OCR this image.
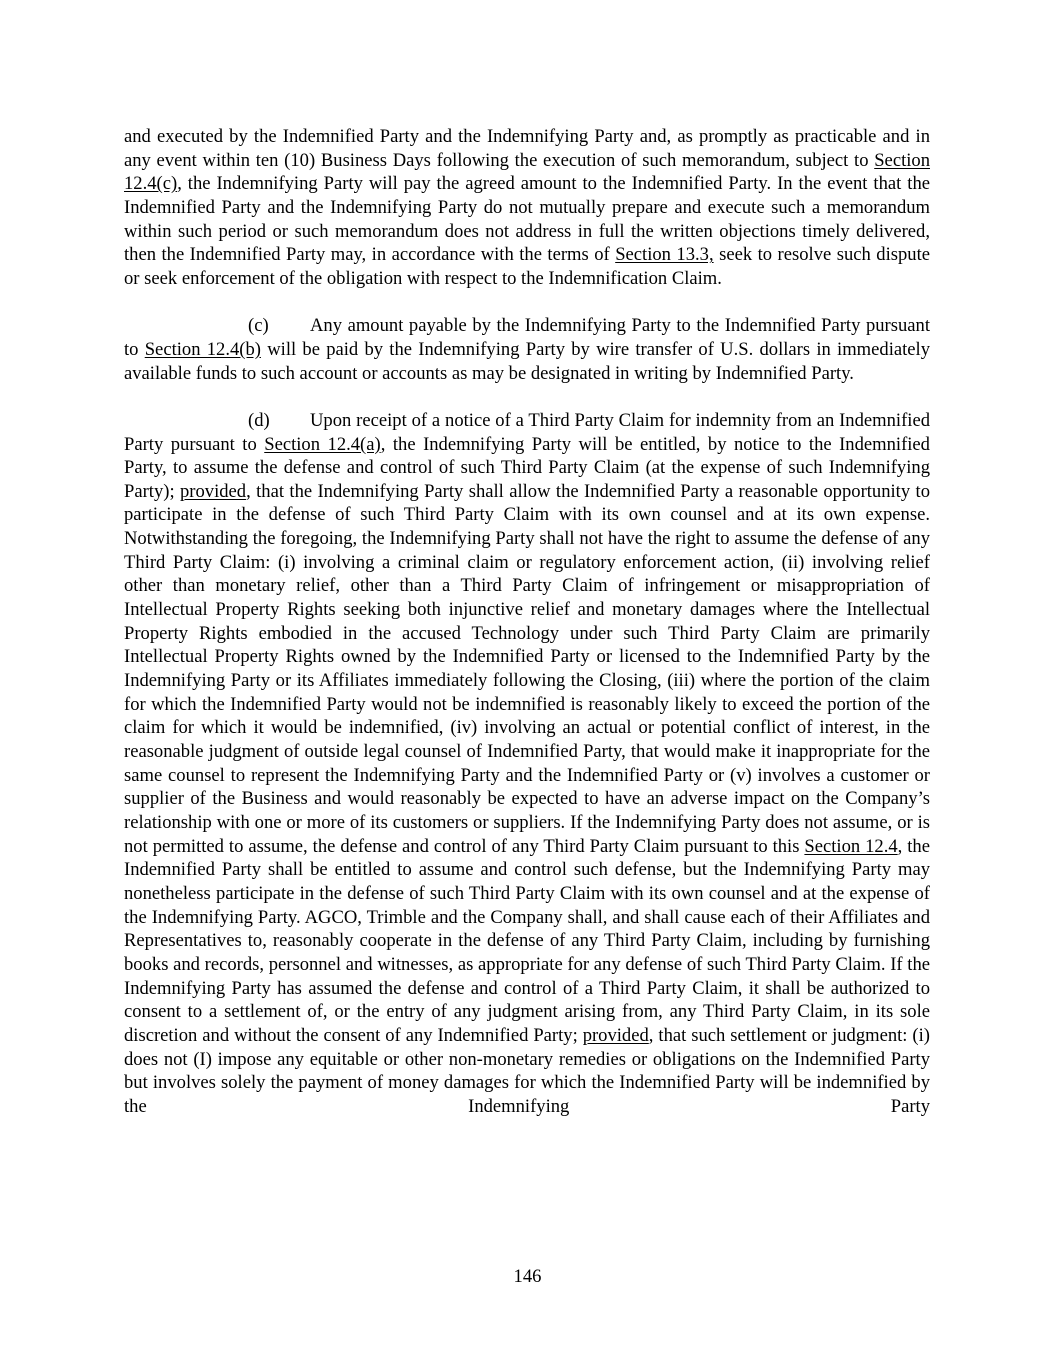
and executed by the Indemnified Party and the Indemnifying Party and, as promptly as practicable and in any event within ten (10) Business Days following the execution of such memorandum, subject to Section 12.4(c), the Indemnifying Party will pay the agreed amount to the Indemnified Party. In the event that the Indemnified Party and the Indemnifying Party do not mutually prepare and execute such a memorandum within such period or such memorandum does not address in full the written objections timely delivered, then the Indemnified Party may, in accordance with the terms of Section 13.3, seek to resolve such dispute or seek enforcement of the obligation with respect to the Indemnification Claim.

(c) Any amount payable by the Indemnifying Party to the Indemnified Party pursuant to Section 12.4(b) will be paid by the Indemnifying Party by wire transfer of U.S. dollars in immediately available funds to such account or accounts as may be designated in writing by Indemnified Party.

(d) Upon receipt of a notice of a Third Party Claim for indemnity from an Indemnified Party pursuant to Section 12.4(a), the Indemnifying Party will be entitled, by notice to the Indemnified Party, to assume the defense and control of such Third Party Claim (at the expense of such Indemnifying Party); provided, that the Indemnifying Party shall allow the Indemnified Party a reasonable opportunity to participate in the defense of such Third Party Claim with its own counsel and at its own expense. Notwithstanding the foregoing, the Indemnifying Party shall not have the right to assume the defense of any Third Party Claim: (i) involving a criminal claim or regulatory enforcement action, (ii) involving relief other than monetary relief, other than a Third Party Claim of infringement or misappropriation of Intellectual Property Rights seeking both injunctive relief and monetary damages where the Intellectual Property Rights embodied in the accused Technology under such Third Party Claim are primarily Intellectual Property Rights owned by the Indemnified Party or licensed to the Indemnified Party by the Indemnifying Party or its Affiliates immediately following the Closing, (iii) where the portion of the claim for which the Indemnified Party would not be indemnified is reasonably likely to exceed the portion of the claim for which it would be indemnified, (iv) involving an actual or potential conflict of interest, in the reasonable judgment of outside legal counsel of Indemnified Party, that would make it inappropriate for the same counsel to represent the Indemnifying Party and the Indemnified Party or (v) involves a customer or supplier of the Business and would reasonably be expected to have an adverse impact on the Company’s relationship with one or more of its customers or suppliers. If the Indemnifying Party does not assume, or is not permitted to assume, the defense and control of any Third Party Claim pursuant to this Section 12.4, the Indemnified Party shall be entitled to assume and control such defense, but the Indemnifying Party may nonetheless participate in the defense of such Third Party Claim with its own counsel and at the expense of the Indemnifying Party. AGCO, Trimble and the Company shall, and shall cause each of their Affiliates and Representatives to, reasonably cooperate in the defense of any Third Party Claim, including by furnishing books and records, personnel and witnesses, as appropriate for any defense of such Third Party Claim. If the Indemnifying Party has assumed the defense and control of a Third Party Claim, it shall be authorized to consent to a settlement of, or the entry of any judgment arising from, any Third Party Claim, in its sole discretion and without the consent of any Indemnified Party; provided, that such settlement or judgment: (i) does not (I) impose any equitable or other non-monetary remedies or obligations on the Indemnified Party but involves solely the payment of money damages for which the Indemnified Party will be indemnified by the Indemnifying Party

146
